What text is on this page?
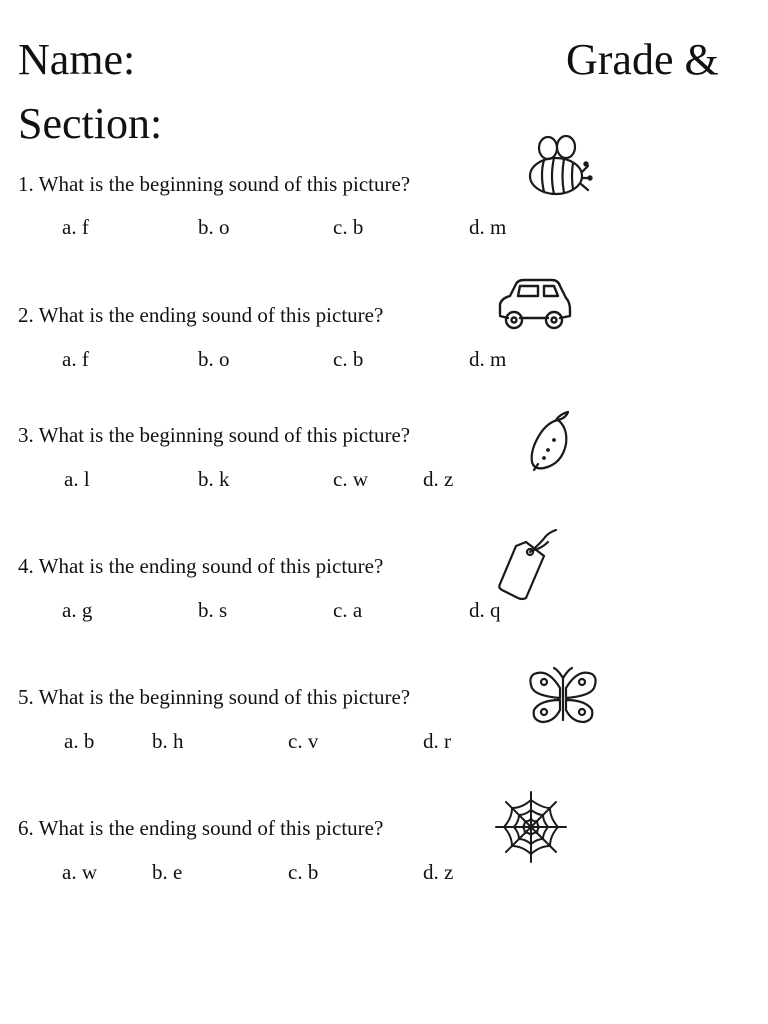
Name:	Grade &
Section:
1. What is the beginning sound of this picture?
a. f	b. o	c. b	d. m
2. What is the ending sound of this picture?
a. f	b. o	c. b	d. m
3. What is the beginning sound of this picture?
a. l	b. k	c. w	d. z
4. What is the ending sound of this picture?
a. g	b. s	c. a	d. q
5. What is the beginning sound of this picture?
a. b	b. h	c. v	d. r
6. What is the ending sound of this picture?
a. w	b. e	c. b	d. z
